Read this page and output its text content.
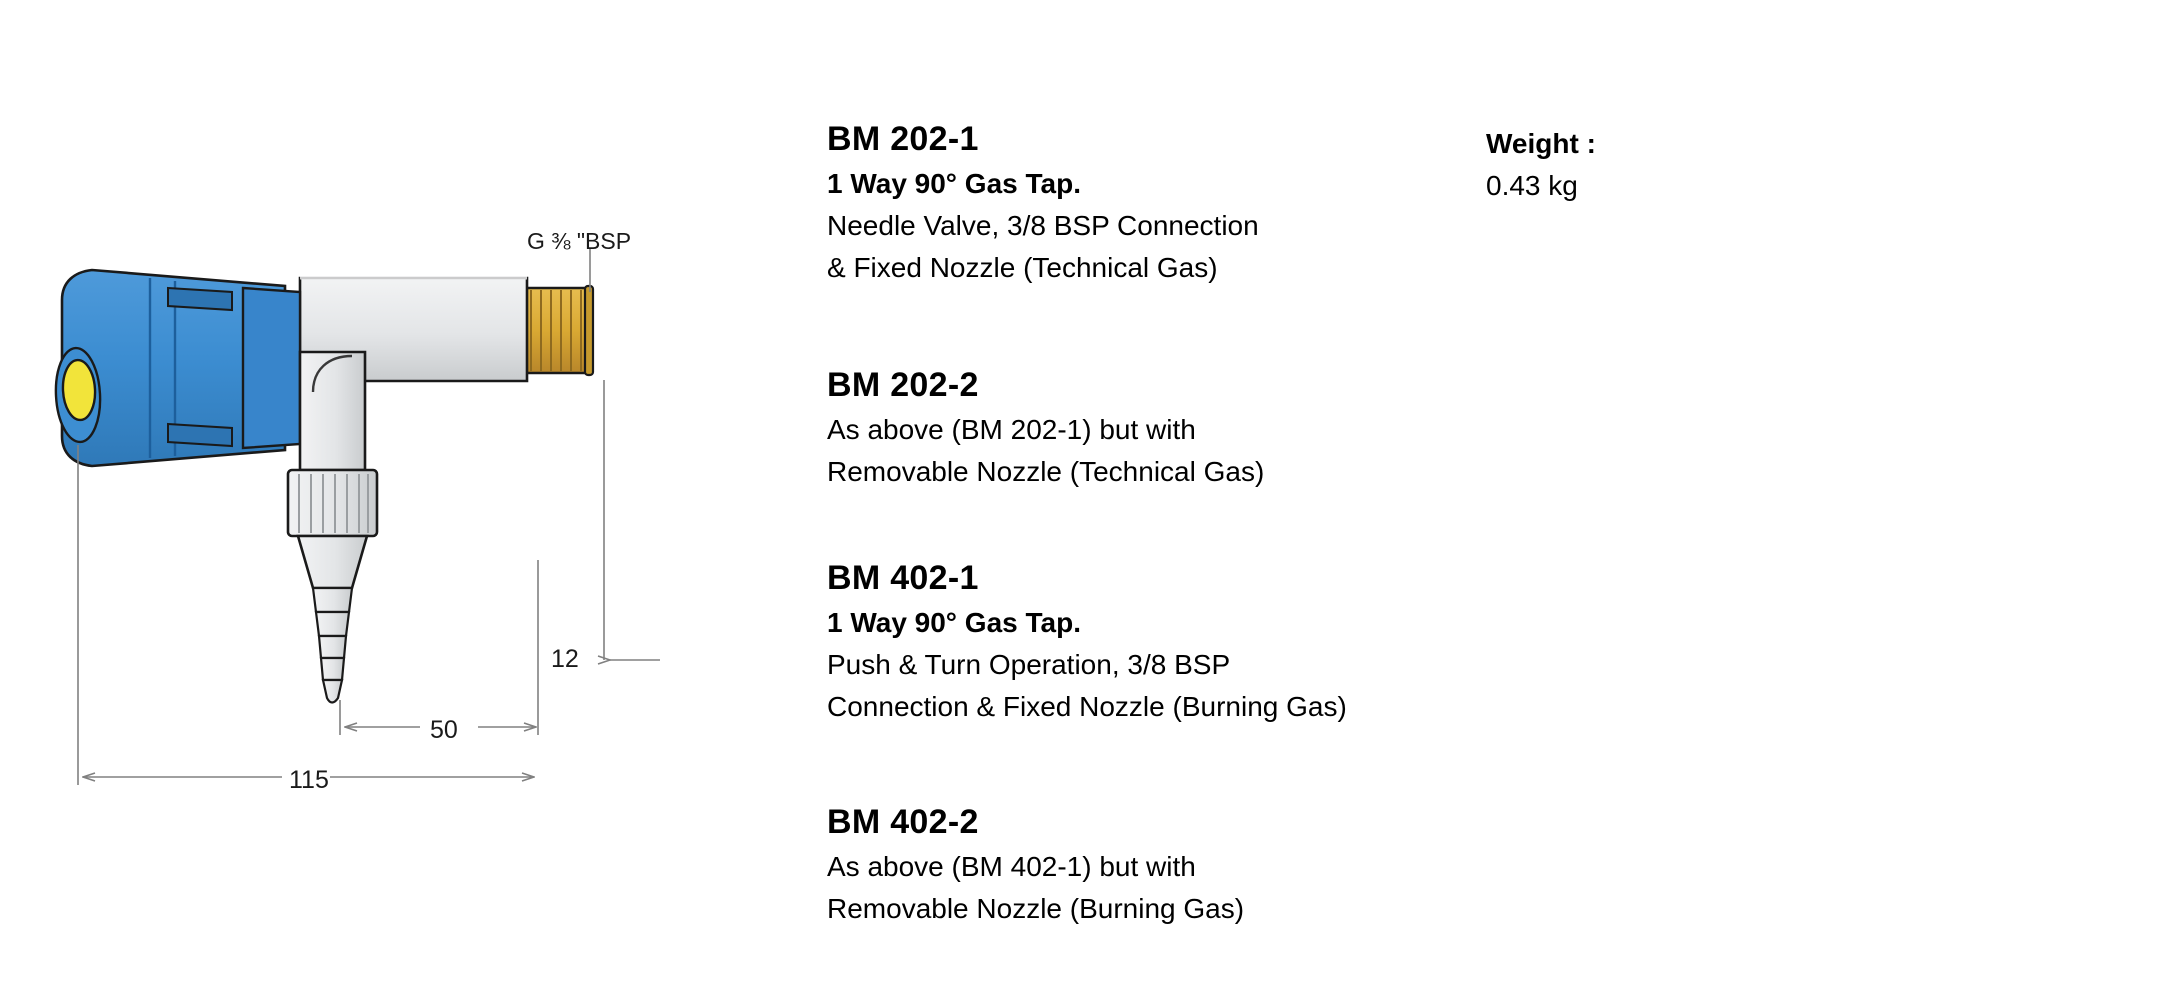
G ⅜ "BSP
12
50
115

BM 202-1

1 Way 90° Gas Tap.

Needle Valve, 3/8 BSP Connection

& Fixed Nozzle (Technical Gas)

BM 202-2

As above (BM 202-1) but with

Removable Nozzle (Technical Gas)

BM 402-1

1 Way 90° Gas Tap.

Push & Turn Operation, 3/8 BSP

Connection & Fixed Nozzle (Burning Gas)

BM 402-2

As above (BM 402-1) but with

Removable Nozzle (Burning Gas)

Weight :

0.43 kg
